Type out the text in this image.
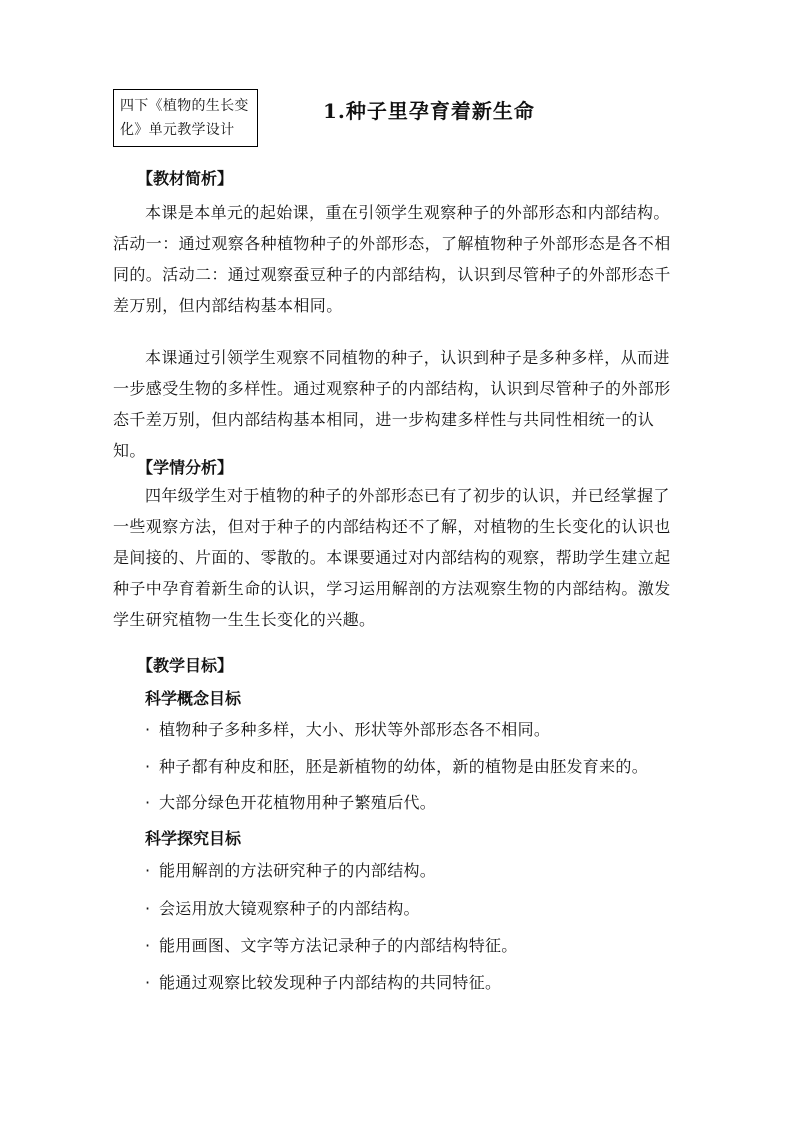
四下《植物的生长变
化》单元教学设计
1.种子里孕育着新生命
【教材简析】

本课是本单元的起始课，重在引领学生观察种子的外部形态和内部结构。活动一：通过观察各种植物种子的外部形态，了解植物种子外部形态是各不相同的。活动二：通过观察蚕豆种子的内部结构，认识到尽管种子的外部形态千差万别，但内部结构基本相同。

本课通过引领学生观察不同植物的种子，认识到种子是多种多样，从而进一步感受生物的多样性。通过观察种子的内部结构，认识到尽管种子的外部形态千差万别，但内部结构基本相同，进一步构建多样性与共同性相统一的认知。

【学情分析】

四年级学生对于植物的种子的外部形态已有了初步的认识，并已经掌握了一些观察方法，但对于种子的内部结构还不了解，对植物的生长变化的认识也是间接的、片面的、零散的。本课要通过对内部结构的观察，帮助学生建立起种子中孕育着新生命的认识，学习运用解剖的方法观察生物的内部结构。激发学生研究植物一生生长变化的兴趣。

【教学目标】
科学概念目标
· 植物种子多种多样，大小、形状等外部形态各不相同。
· 种子都有种皮和胚，胚是新植物的幼体，新的植物是由胚发育来的。
· 大部分绿色开花植物用种子繁殖后代。
科学探究目标
· 能用解剖的方法研究种子的内部结构。
· 会运用放大镜观察种子的内部结构。
· 能用画图、文字等方法记录种子的内部结构特征。
· 能通过观察比较发现种子内部结构的共同特征。
